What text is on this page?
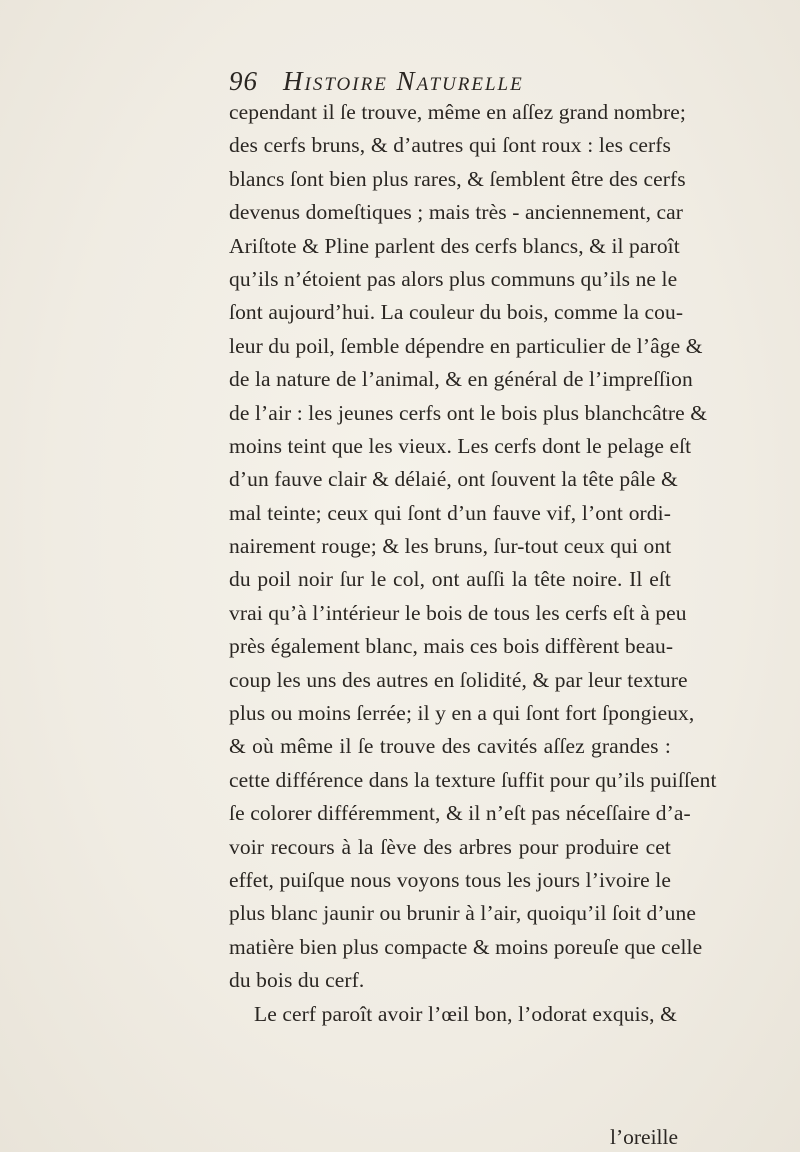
96 Histoire Naturelle
cependant il ſe trouve, même en aſſez grand nombre;
des cerfs bruns, & d’autres qui ſont roux : les cerfs
blancs ſont bien plus rares, & ſemblent être des cerfs
devenus domeſtiques ; mais très - anciennement, car
Ariſtote & Pline parlent des cerfs blancs, & il paroît
qu’ils n’étoient pas alors plus communs qu’ils ne le
ſont aujourd’hui. La couleur du bois, comme la cou-
leur du poil, ſemble dépendre en particulier de l’âge &
de la nature de l’animal, & en général de l’impreſſion
de l’air : les jeunes cerfs ont le bois plus blanchcâtre &
moins teint que les vieux. Les cerfs dont le pelage eſt
d’un fauve clair & délaié, ont ſouvent la tête pâle &
mal teinte; ceux qui ſont d’un fauve vif, l’ont ordi-
nairement rouge; & les bruns, ſur-tout ceux qui ont
du poil noir ſur le col, ont auſſi la tête noire. Il eſt
vrai qu’à l’intérieur le bois de tous les cerfs eſt à peu
près également blanc, mais ces bois diffèrent beau-
coup les uns des autres en ſolidité, & par leur texture
plus ou moins ſerrée; il y en a qui ſont fort ſpongieux,
& où même il ſe trouve des cavités aſſez grandes :
cette différence dans la texture ſuffit pour qu’ils puiſſent
ſe colorer différemment, & il n’eſt pas néceſſaire d’a-
voir recours à la ſève des arbres pour produire cet
effet, puiſque nous voyons tous les jours l’ivoire le
plus blanc jaunir ou brunir à l’air, quoiqu’il ſoit d’une
matière bien plus compacte & moins poreuſe que celle
du bois du cerf.
Le cerf paroît avoir l’œil bon, l’odorat exquis, &
l’oreille
